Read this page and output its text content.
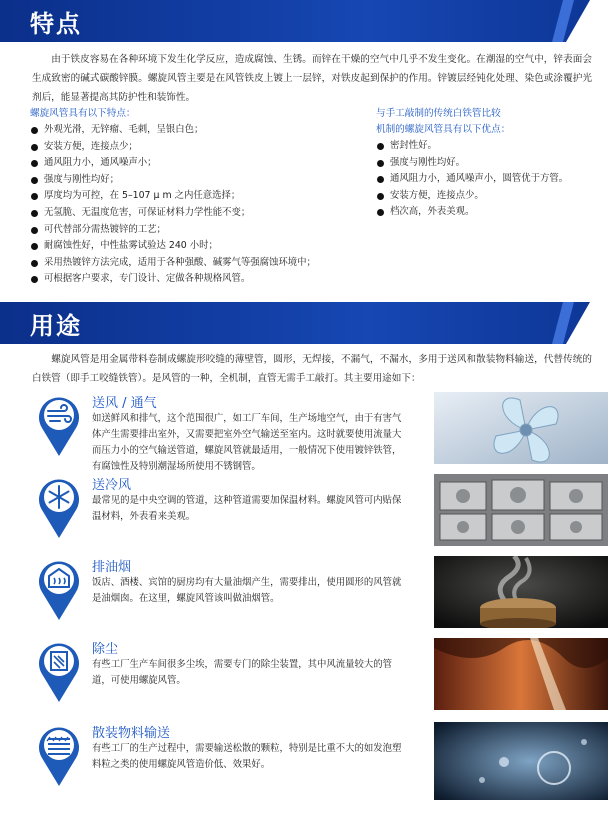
特点

由于铁皮容易在各种环境下发生化学反应，造成腐蚀、生锈。而锌在干燥的空气中几乎不发生变化。在潮湿的空气中，锌表面会生成致密的碱式碳酸锌膜。螺旋风管主要是在风管铁皮上镀上一层锌，对铁皮起到保护的作用。锌镀层经钝化处理、染色或涂覆护光剂后，能显著提高其防护性和装饰性。

螺旋风管具有以下特点：
外观光滑，无锌瘤、毛刺，呈银白色；
安装方便，连接点少；
通风阻力小，通风噪声小；
强度与刚性均好；
厚度均为可控，在 5–107 μ m 之内任意选择；
无氢脆、无温度危害，可保证材料力学性能不变；
可代替部分需热镀锌的工艺；
耐腐蚀性好，中性盐雾试验达 240 小时；
采用热镀锌方法完成，适用于各种强酸、碱雾气等强腐蚀环境中；
可根据客户要求，专门设计、定做各种规格风管。
与手工敲制的传统白铁管比较
机制的螺旋风管具有以下优点：
密封性好。
强度与刚性均好。
通风阻力小，通风噪声小，圆管优于方管。
安装方便，连接点少。
档次高，外表美观。
用途

螺旋风管是用金属带料卷制成螺旋形咬缝的薄壁管，圆形，无焊接，不漏气，不漏水，多用于送风和散装物料输送，代替传统的白铁管（即手工咬缝铁管）。是风管的一种，全机制，直管无需手工敲打。其主要用途如下：

送风 / 通气
如送鲜风和排气，这个范围很广，如工厂车间，生产场地空气，由于有害气体产生需要排出室外，又需要把室外空气输送至室内。这时就要使用流量大而压力小的空气输送管道，螺旋风管就最适用，一般情况下使用镀锌铁管，有腐蚀性及特别潮湿场所使用不锈钢管。
送冷风
最常见的是中央空调的管道，这种管道需要加保温材料。螺旋风管可内贴保温材料，外表看来美观。
排油烟
饭店、酒楼、宾馆的厨房均有大量油烟产生，需要排出，使用圆形的风管就是油烟囱。在这里，螺旋风管该叫做油烟管。
除尘
有些工厂生产车间很多尘埃，需要专门的除尘装置，其中风流量较大的管道，可使用螺旋风管。
散装物料输送
有些工厂的生产过程中，需要输送松散的颗粒，特别是比重不大的如发泡塑料粒之类的使用螺旋风管造价低、效果好。
